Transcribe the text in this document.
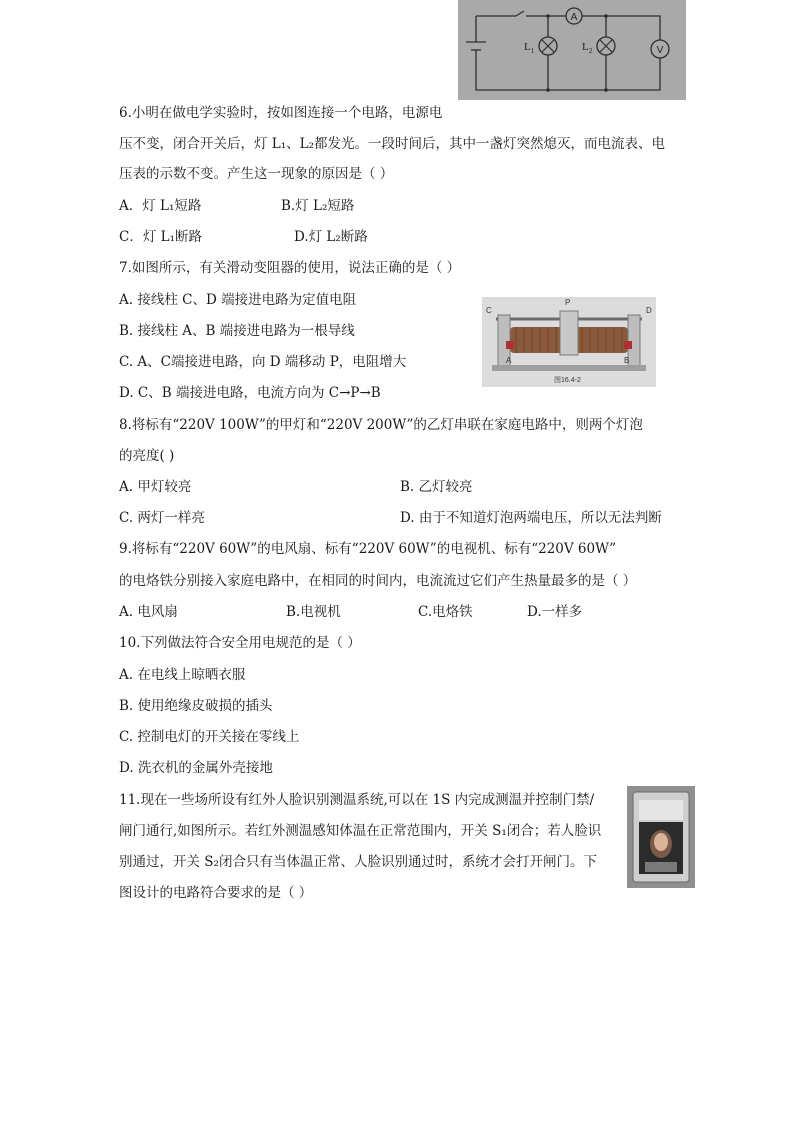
A
$L_1$	$L_2$	V
6.小明在做电学实验时，按如图连接一个电路，电源电
压不变，闭合开关后，灯 L₁、L₂都发光。一段时间后，其中一盏灯突然熄灭，而电流表、电
压表的示数不变。产生这一现象的原因是（ ）
A．灯 L₁短路	B.灯 L₂短路
C．灯 L₁断路	D.灯 L₂断路
7.如图所示，有关滑动变阻器的使用，说法正确的是（ ）
A. 接线柱 C、D 端接进电路为定值电阻
B. 接线柱 A、B 端接进电路为一根导线
C. A、C端接进电路，向 D 端移动 P，电阻增大
D. C、B 端接进电路，电流方向为 C→P→B
P
C	D
A	B
图16.4-2
8.将标有“220V 100W”的甲灯和“220V 200W”的乙灯串联在家庭电路中，则两个灯泡
的亮度( )
A. 甲灯较亮	B. 乙灯较亮
C. 两灯一样亮	D. 由于不知道灯泡两端电压，所以无法判断
9.将标有“220V 60W”的电风扇、标有“220V 60W”的电视机、标有“220V 60W”
的电烙铁分别接入家庭电路中，在相同的时间内，电流流过它们产生热量最多的是（ ）
A. 电风扇	B.电视机	C.电烙铁	D.一样多
10.下列做法符合安全用电规范的是（ ）
A. 在电线上晾晒衣服
B. 使用绝缘皮破损的插头
C. 控制电灯的开关接在零线上
D. 洗衣机的金属外壳接地
11.现在一些场所设有红外人脸识别测温系统,可以在 1S 内完成测温并控制门禁/
闸门通行,如图所示。若红外测温感知体温在正常范围内，开关 S₁闭合；若人脸识
别通过，开关 S₂闭合只有当体温正常、人脸识别通过时，系统才会打开闸门。下
图设计的电路符合要求的是（ ）
